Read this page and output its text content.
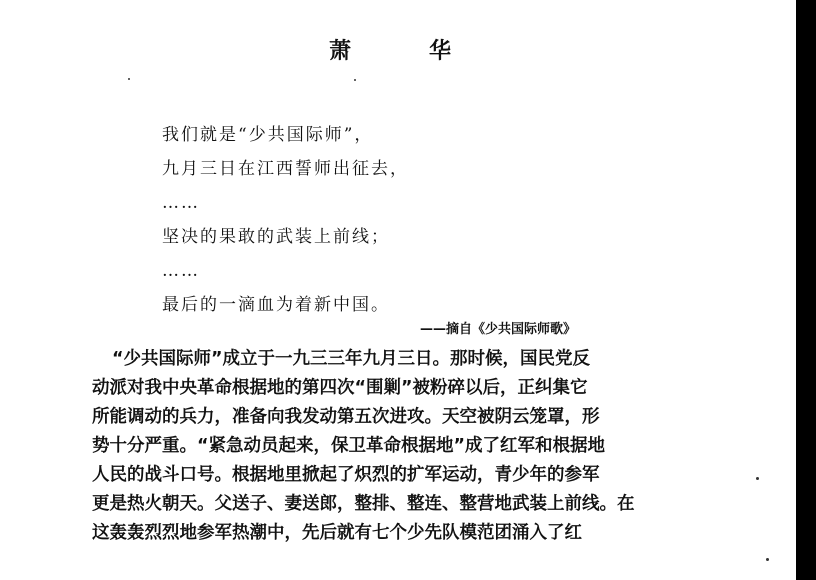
萧　华
我们就是“少共国际师”，
九月三日在江西誓师出征去，
……
坚决的果敢的武装上前线；
……
最后的一滴血为着新中国。
——摘自《少共国际师歌》
“少共国际师”成立于一九三三年九月三日。那时候，国民党反
动派对我中央革命根据地的第四次“围剿”被粉碎以后，正纠集它
所能调动的兵力，准备向我发动第五次进攻。天空被阴云笼罩，形
势十分严重。“紧急动员起来，保卫革命根据地”成了红军和根据地
人民的战斗口号。根据地里掀起了炽烈的扩军运动，青少年的参军
更是热火朝天。父送子、妻送郎，整排、整连、整营地武装上前线。在
这轰轰烈烈地参军热潮中，先后就有七个少先队模范团涌入了红
